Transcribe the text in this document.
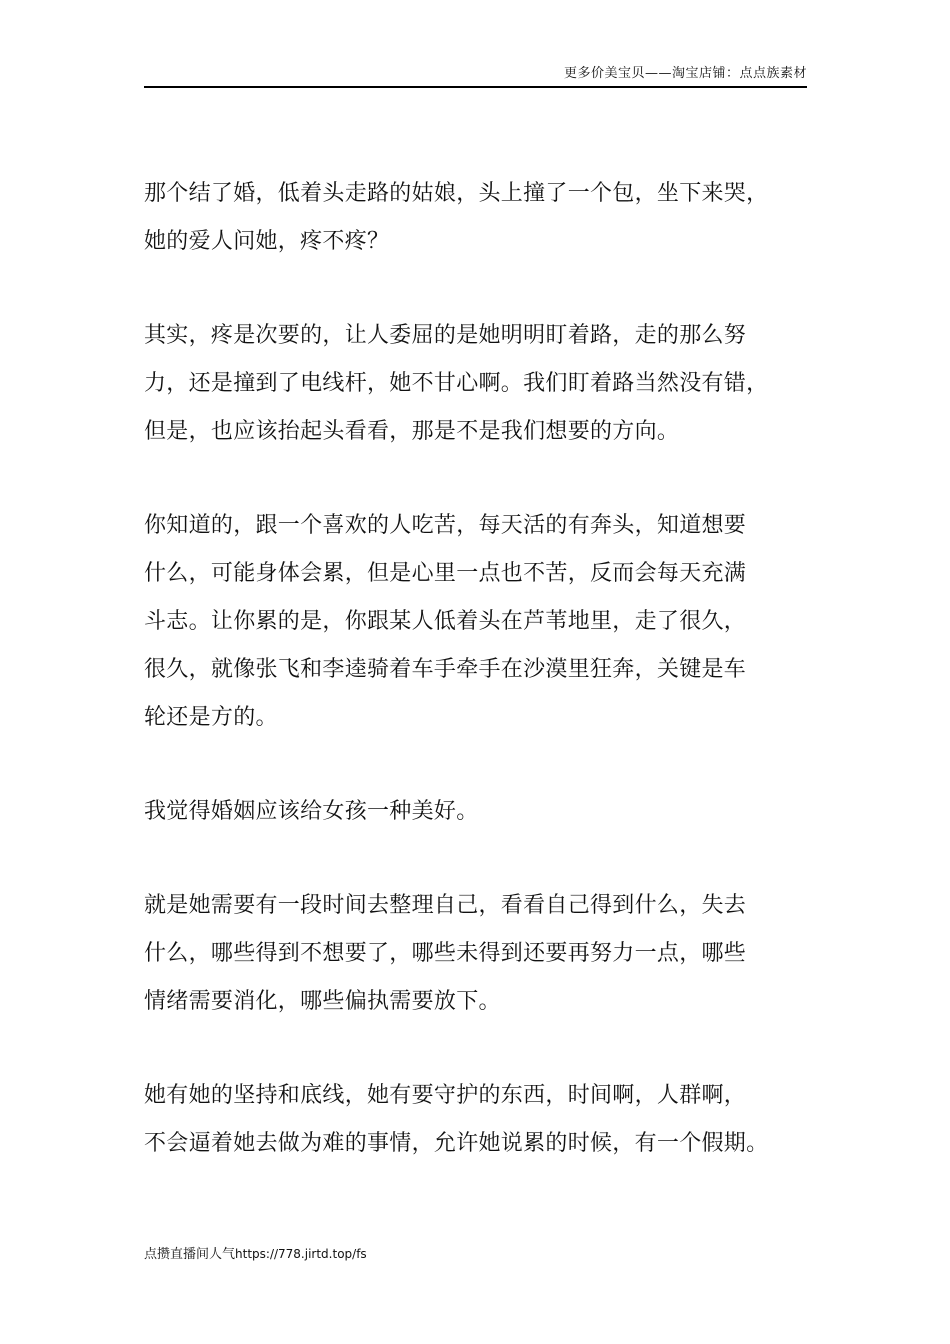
更多价美宝贝——淘宝店铺：点点族素材
那个结了婚，低着头走路的姑娘，头上撞了一个包，坐下来哭，
她的爱人问她，疼不疼？
其实，疼是次要的，让人委屈的是她明明盯着路，走的那么努
力，还是撞到了电线杆，她不甘心啊。我们盯着路当然没有错，
但是，也应该抬起头看看，那是不是我们想要的方向。
你知道的，跟一个喜欢的人吃苦，每天活的有奔头，知道想要
什么，可能身体会累，但是心里一点也不苦，反而会每天充满
斗志。让你累的是，你跟某人低着头在芦苇地里，走了很久，
很久，就像张飞和李逵骑着车手牵手在沙漠里狂奔，关键是车
轮还是方的。
我觉得婚姻应该给女孩一种美好。
就是她需要有一段时间去整理自己，看看自己得到什么，失去
什么，哪些得到不想要了，哪些未得到还要再努力一点，哪些
情绪需要消化，哪些偏执需要放下。
她有她的坚持和底线，她有要守护的东西，时间啊，人群啊，
不会逼着她去做为难的事情，允许她说累的时候，有一个假期。
点攒直播间人气https://778.jirtd.top/fs
